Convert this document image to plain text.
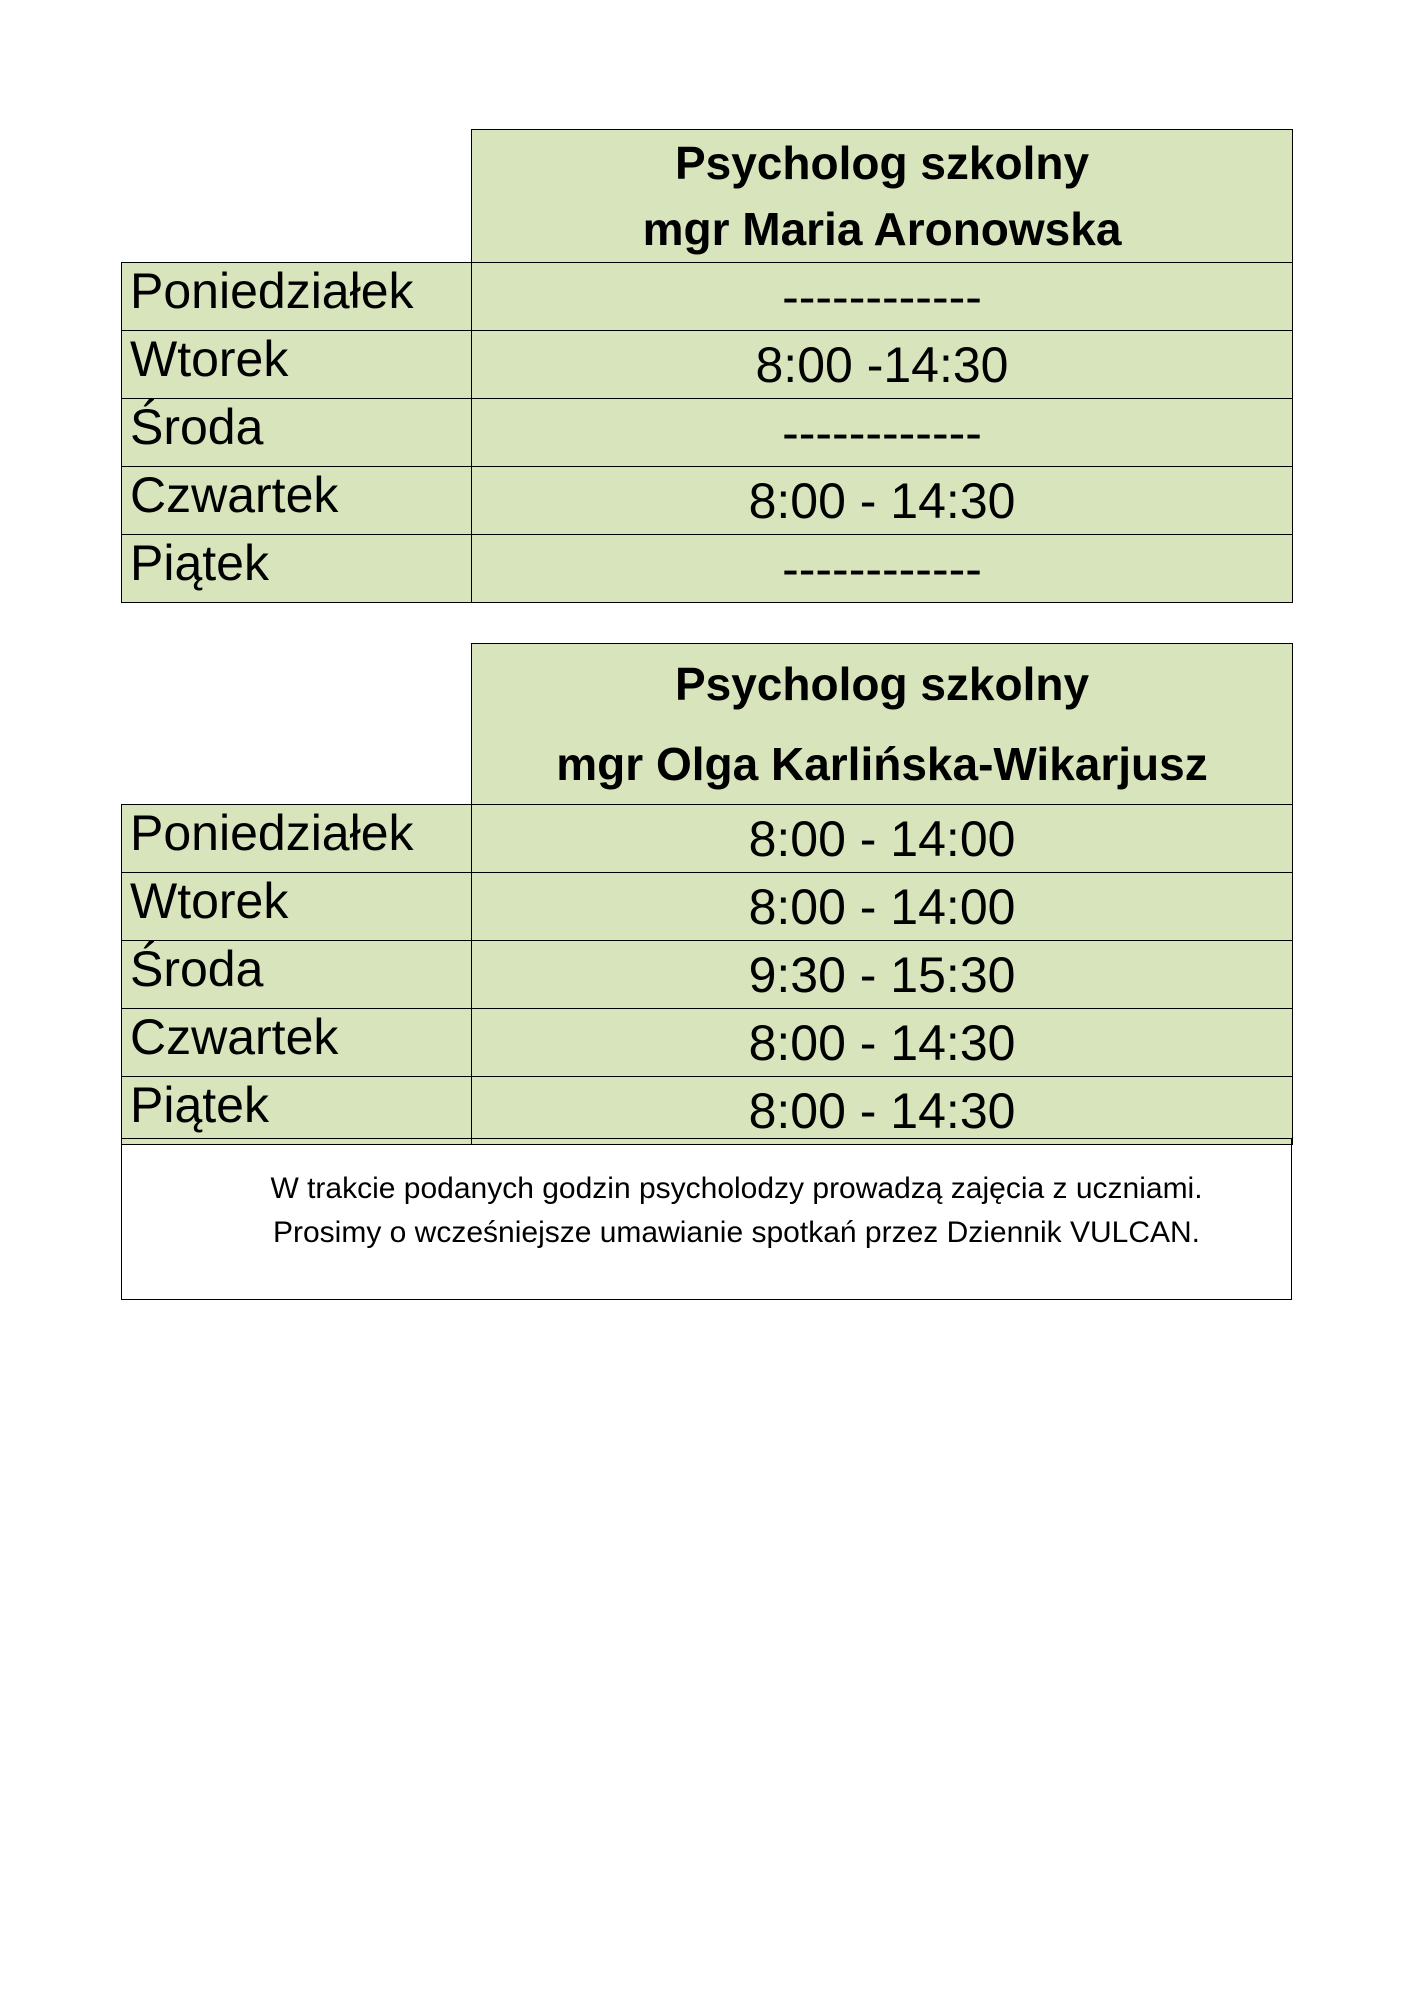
	Psycholog szkolny
mgr Maria Aronowska

Poniedziałek	------------
Wtorek	8:00 -14:30
Środa	------------
Czwartek	8:00 - 14:30
Piątek	------------

	Psycholog szkolny
mgr Olga Karlińska-Wikarjusz

Poniedziałek	8:00 - 14:00
Wtorek	8:00 - 14:00
Środa	9:30 - 15:30
Czwartek	8:00 - 14:30
Piątek	8:00 - 14:30
W trakcie podanych godzin psycholodzy prowadzą zajęcia z uczniami.
Prosimy o wcześniejsze umawianie spotkań przez Dziennik VULCAN.
